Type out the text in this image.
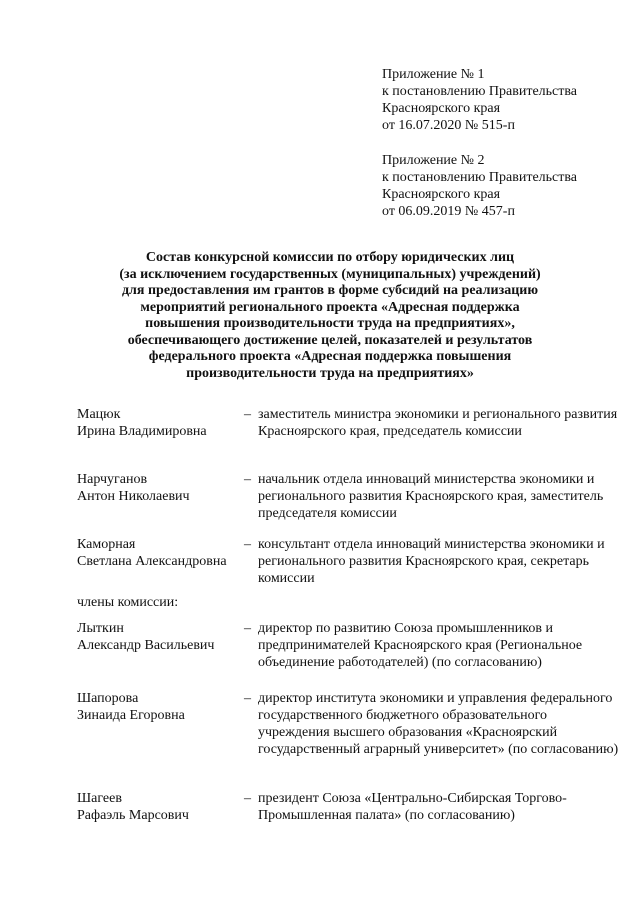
Приложение № 1
к постановлению Правительства
Красноярского края
от 16.07.2020 № 515-п
Приложение № 2
к постановлению Правительства
Красноярского края
от 06.09.2019 № 457-п
Состав конкурсной комиссии по отбору юридических лиц
(за исключением государственных (муниципальных) учреждений)
для предоставления им грантов в форме субсидий на реализацию
мероприятий регионального проекта «Адресная поддержка
повышения производительности труда на предприятиях»,
обеспечивающего достижение целей, показателей и результатов
федерального проекта «Адресная поддержка повышения
производительности труда на предприятиях»
Мацюк
Ирина Владимировна
– заместитель министра экономики и регионального развития Красноярского края, председатель комиссии
Нарчуганов
Антон Николаевич
– начальник отдела инноваций министерства экономики и регионального развития Красноярского края, заместитель председателя комиссии
Каморная
Светлана Александровна
– консультант отдела инноваций министерства экономики и регионального развития Красноярского края, секретарь комиссии
члены комиссии:
Лыткин
Александр Васильевич
– директор по развитию Союза промышленников и предпринимателей Красноярского края (Региональное объединение работодателей) (по согласованию)
Шапорова
Зинаида Егоровна
– директор института экономики и управления федерального государственного бюджетного образовательного учреждения высшего образования «Красноярский государственный аграрный университет» (по согласованию)
Шагеев
Рафаэль Марсович
– президент Союза «Центрально-Сибирская Торгово-Промышленная палата» (по согласованию)
